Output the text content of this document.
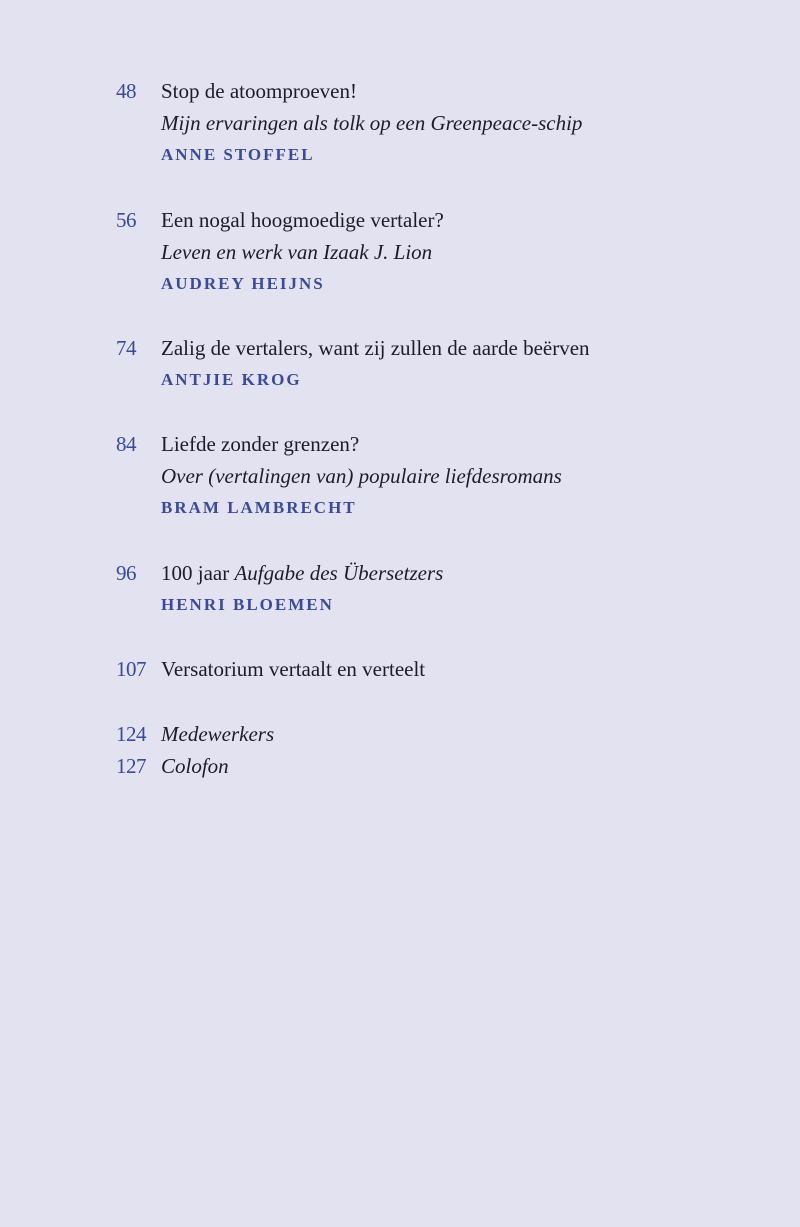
48 Stop de atoomproeven!
Mijn ervaringen als tolk op een Greenpeace-schip
ANNE STOFFEL
56 Een nogal hoogmoedige vertaler?
Leven en werk van Izaak J. Lion
AUDREY HEIJNS
74 Zalig de vertalers, want zij zullen de aarde beërven
ANTJIE KROG
84 Liefde zonder grenzen?
Over (vertalingen van) populaire liefdesromans
BRAM LAMBRECHT
96 100 jaar Aufgabe des Übersetzers
HENRI BLOEMEN
107 Versatorium vertaalt en verteelt
124 Medewerkers
127 Colofon
